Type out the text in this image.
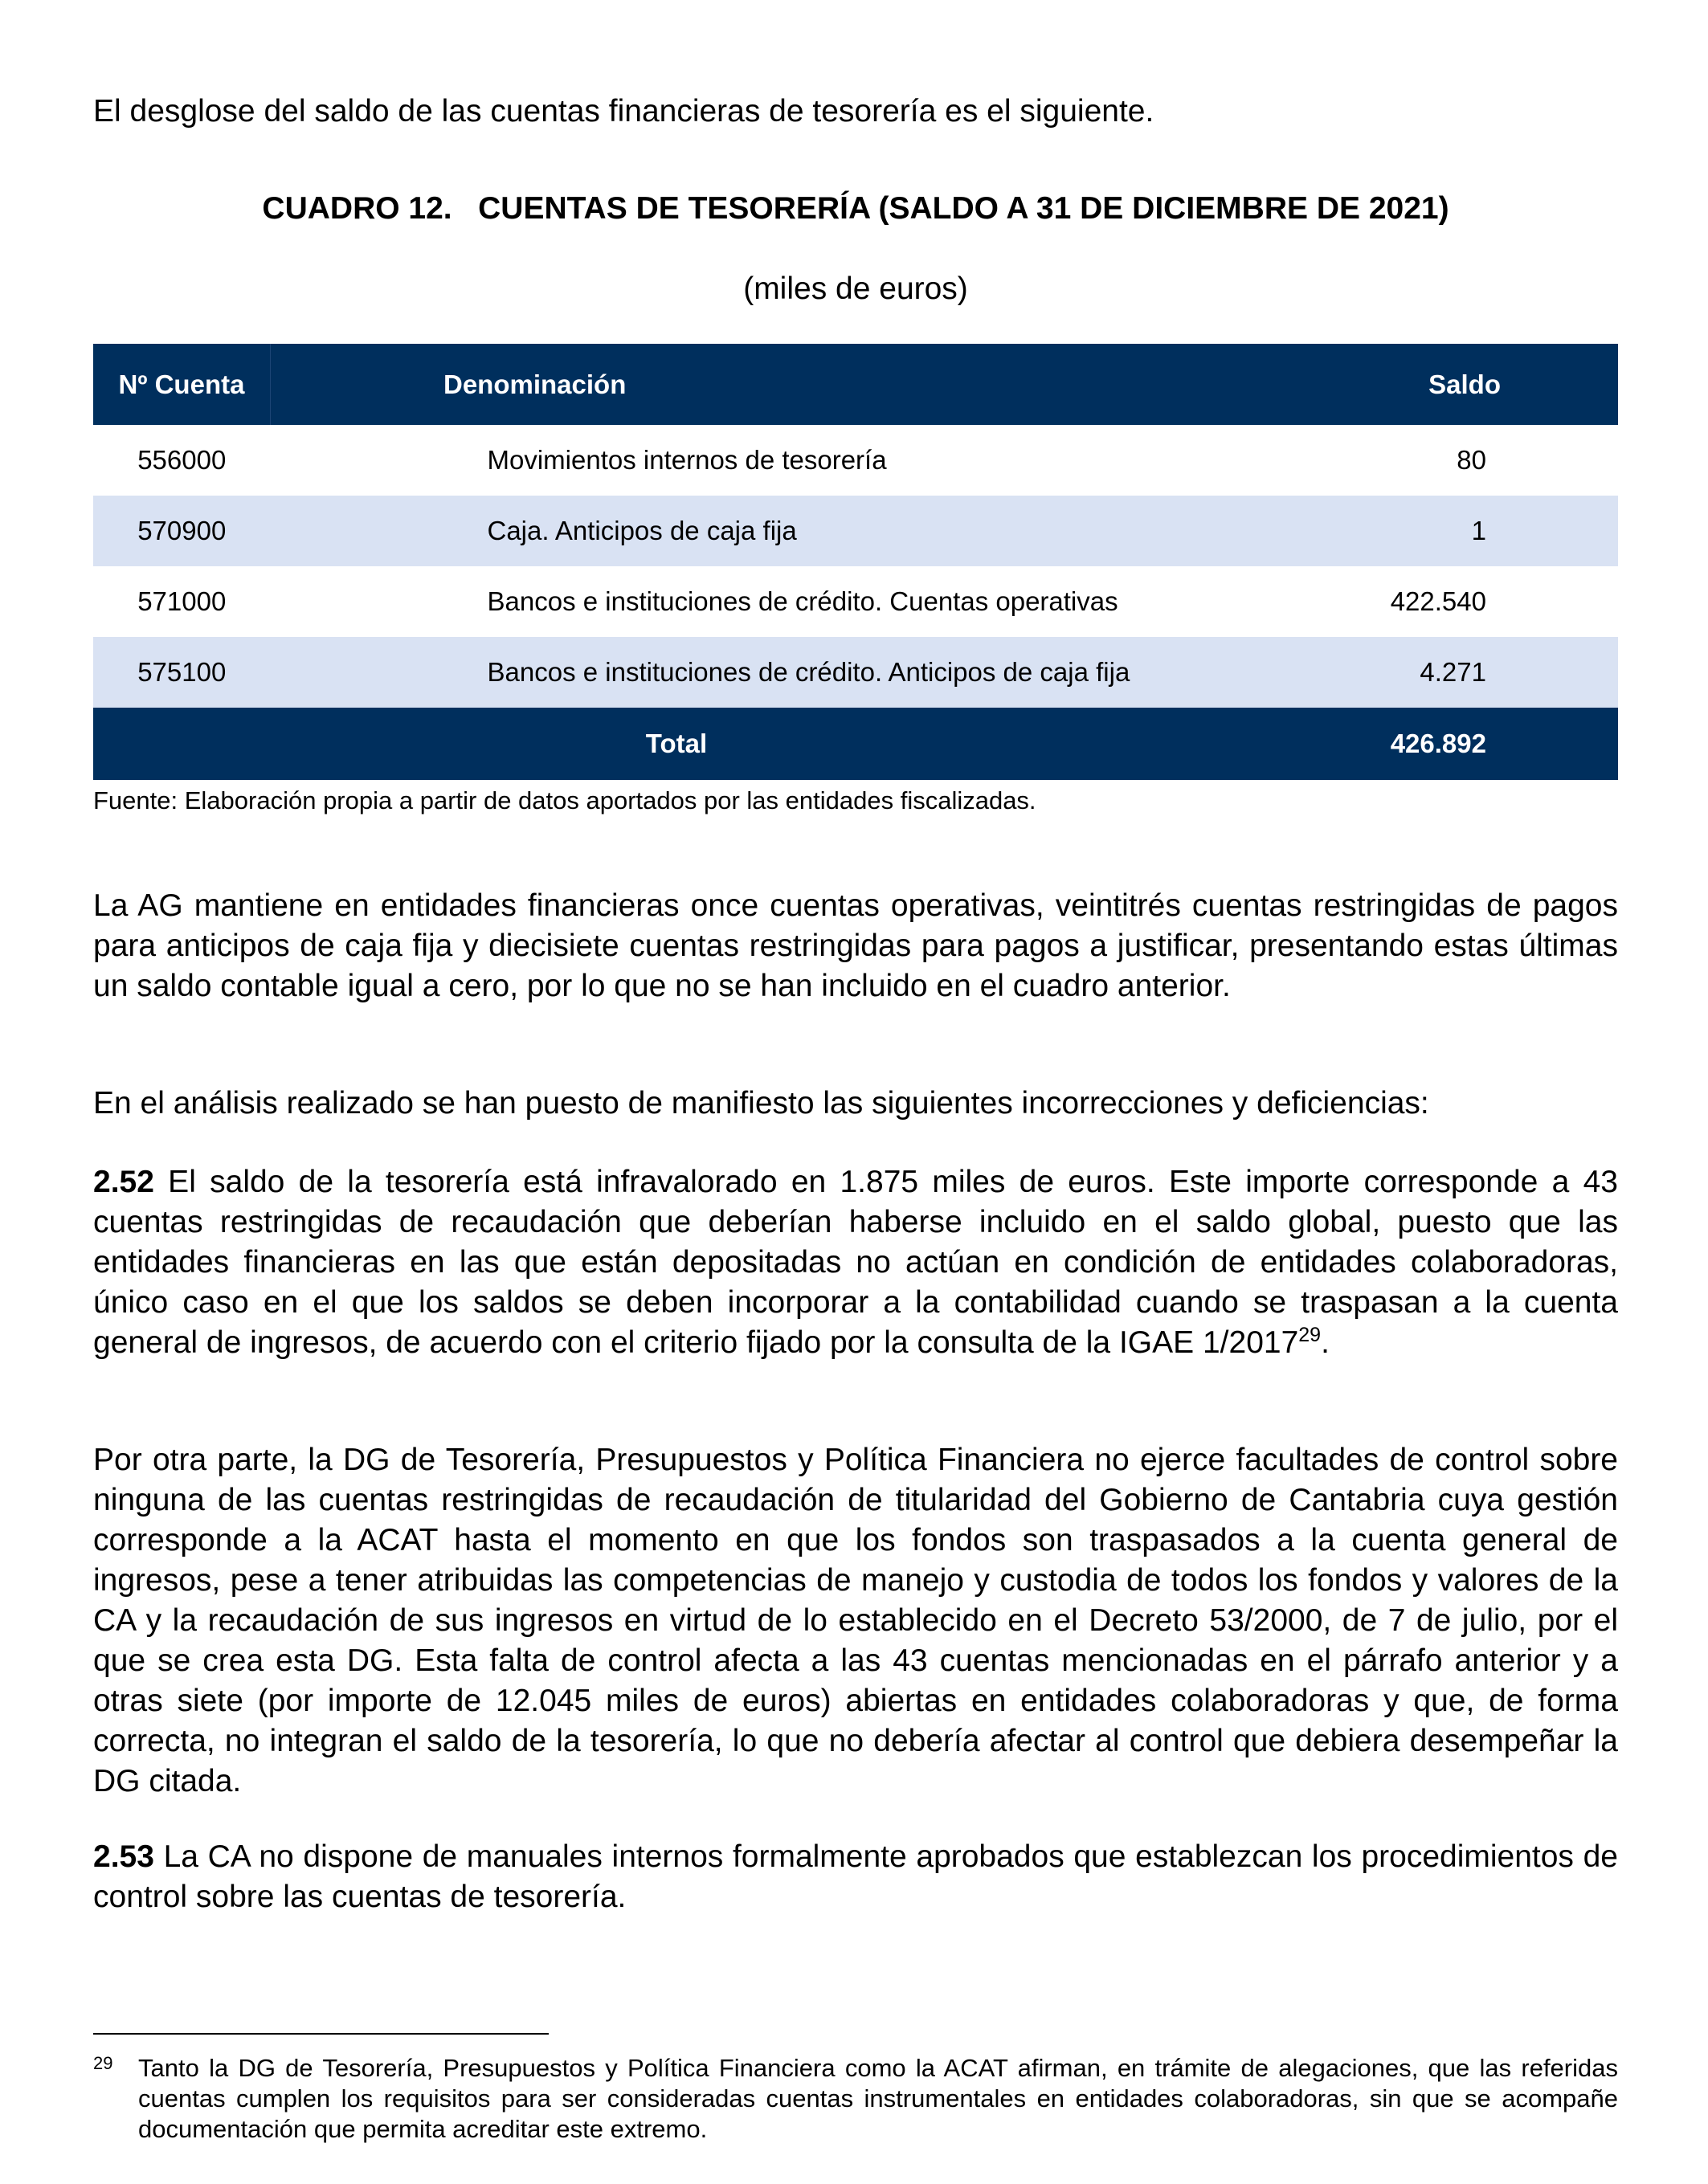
El desglose del saldo de las cuentas financieras de tesorería es el siguiente.
CUADRO 12.   CUENTAS DE TESORERÍA (SALDO A 31 DE DICIEMBRE DE 2021)
(miles de euros)
Nº Cuenta	Denominación	Saldo
556000	Movimientos internos de tesorería	80
570900	Caja. Anticipos de caja fija	1
571000	Bancos e instituciones de crédito. Cuentas operativas	422.540
575100	Bancos e instituciones de crédito. Anticipos de caja fija	4.271
Total		426.892
Fuente: Elaboración propia a partir de datos aportados por las entidades fiscalizadas.

La AG mantiene en entidades financieras once cuentas operativas, veintitrés cuentas restringidas de pagos para anticipos de caja fija y diecisiete cuentas restringidas para pagos a justificar, presentando estas últimas un saldo contable igual a cero, por lo que no se han incluido en el cuadro anterior.

En el análisis realizado se han puesto de manifiesto las siguientes incorrecciones y deficiencias:

2.52 El saldo de la tesorería está infravalorado en 1.875 miles de euros. Este importe corresponde a 43 cuentas restringidas de recaudación que deberían haberse incluido en el saldo global, puesto que las entidades financieras en las que están depositadas no actúan en condición de entidades colaboradoras, único caso en el que los saldos se deben incorporar a la contabilidad cuando se traspasan a la cuenta general de ingresos, de acuerdo con el criterio fijado por la consulta de la IGAE 1/2017$^{29}$.

Por otra parte, la DG de Tesorería, Presupuestos y Política Financiera no ejerce facultades de control sobre ninguna de las cuentas restringidas de recaudación de titularidad del Gobierno de Cantabria cuya gestión corresponde a la ACAT hasta el momento en que los fondos son traspasados a la cuenta general de ingresos, pese a tener atribuidas las competencias de manejo y custodia de todos los fondos y valores de la CA y la recaudación de sus ingresos en virtud de lo establecido en el Decreto 53/2000, de 7 de julio, por el que se crea esta DG. Esta falta de control afecta a las 43 cuentas mencionadas en el párrafo anterior y a otras siete (por importe de 12.045 miles de euros) abiertas en entidades colaboradoras y que, de forma correcta, no integran el saldo de la tesorería, lo que no debería afectar al control que debiera desempeñar la DG citada.

2.53 La CA no dispone de manuales internos formalmente aprobados que establezcan los procedimientos de control sobre las cuentas de tesorería.

29 Tanto la DG de Tesorería, Presupuestos y Política Financiera como la ACAT afirman, en trámite de alegaciones, que las referidas cuentas cumplen los requisitos para ser consideradas cuentas instrumentales en entidades colaboradoras, sin que se acompañe documentación que permita acreditar este extremo.
